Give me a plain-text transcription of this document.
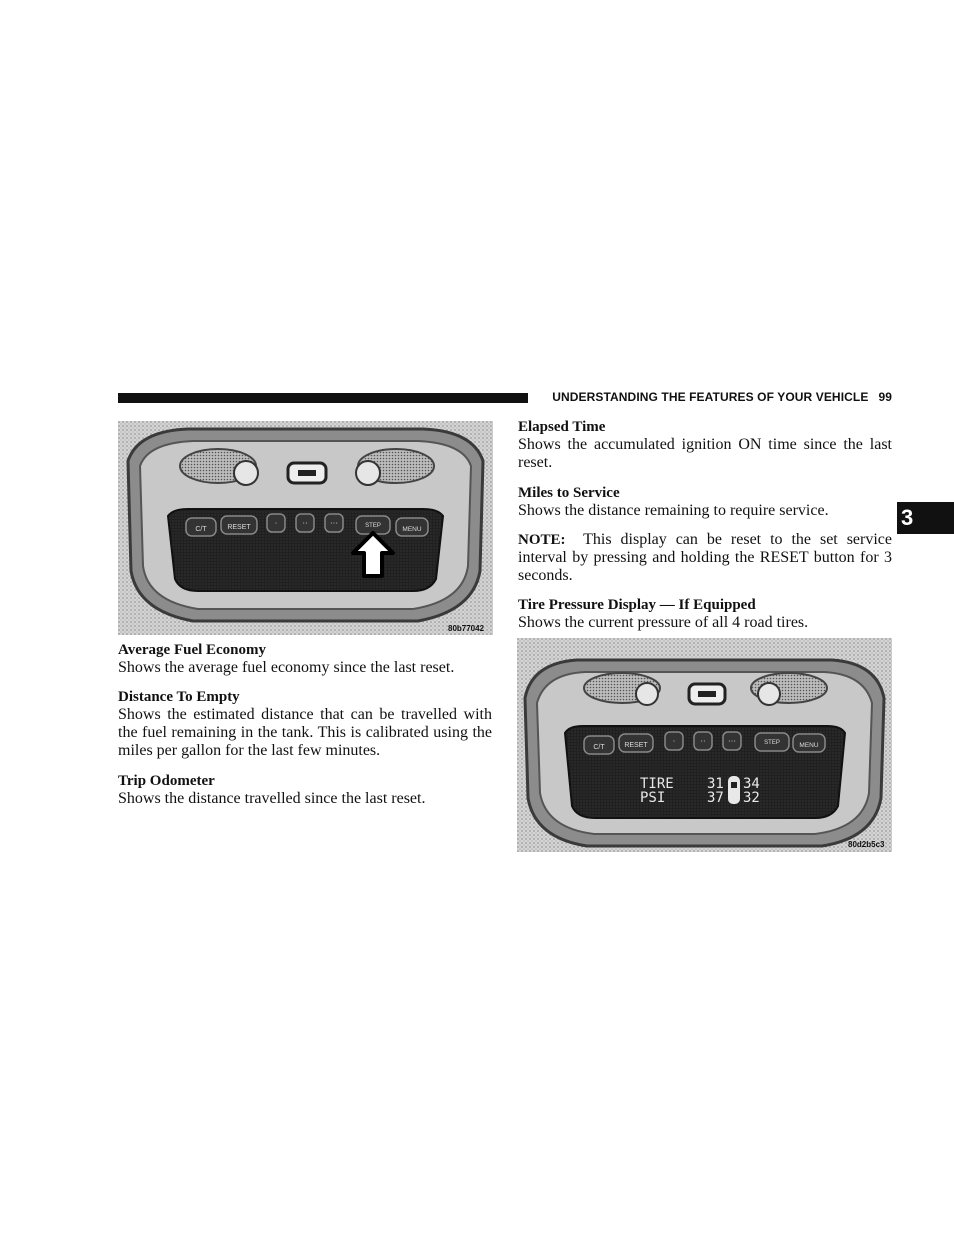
UNDERSTANDING THE FEATURES OF YOUR VEHICLE 99
3
C/T	RESET	·	··	···	STEP	MENU
80b77042
Average Fuel Economy
Shows the average fuel economy since the last reset.
Distance To Empty
Shows the estimated distance that can be travelled with the fuel remaining in the tank. This is calibrated using the miles per gallon for the last few minutes.
Trip Odometer
Shows the distance travelled since the last reset.
Elapsed Time
Shows the accumulated ignition ON time since the last reset.
Miles to Service
Shows the distance remaining to require service.
NOTE: This display can be reset to the set service interval by pressing and holding the RESET button for 3 seconds.
Tire Pressure Display — If Equipped
Shows the current pressure of all 4 road tires.
C/T	RESET	·	··	···	STEP	MENU
TIRE
PSI
31 34
37 32
80d2b5c3
